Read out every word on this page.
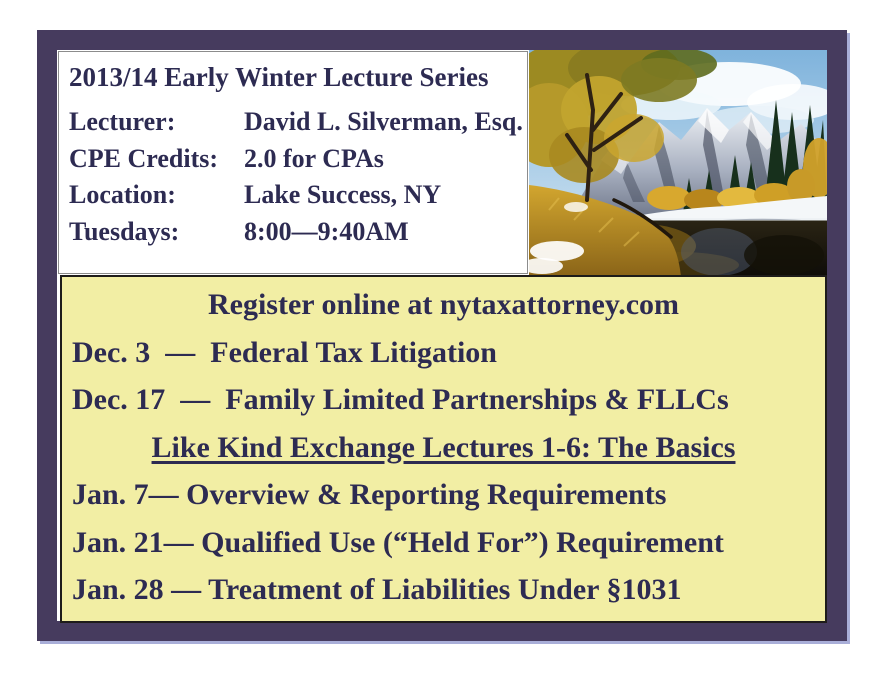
2013/14 Early Winter Lecture Series
Lecturer:	David L. Silverman, Esq.
CPE Credits: 2.0 for CPAs
Location:	Lake Success, NY
Tuesdays:	8:00—9:40AM
Register online at nytaxattorney.com
Dec. 3  —  Federal Tax Litigation
Dec. 17  —  Family Limited Partnerships & FLLCs
Like Kind Exchange Lectures 1-6: The Basics
Jan. 7— Overview & Reporting Requirements
Jan. 21— Qualified Use (“Held For”) Requirement
Jan. 28 — Treatment of Liabilities Under §1031
